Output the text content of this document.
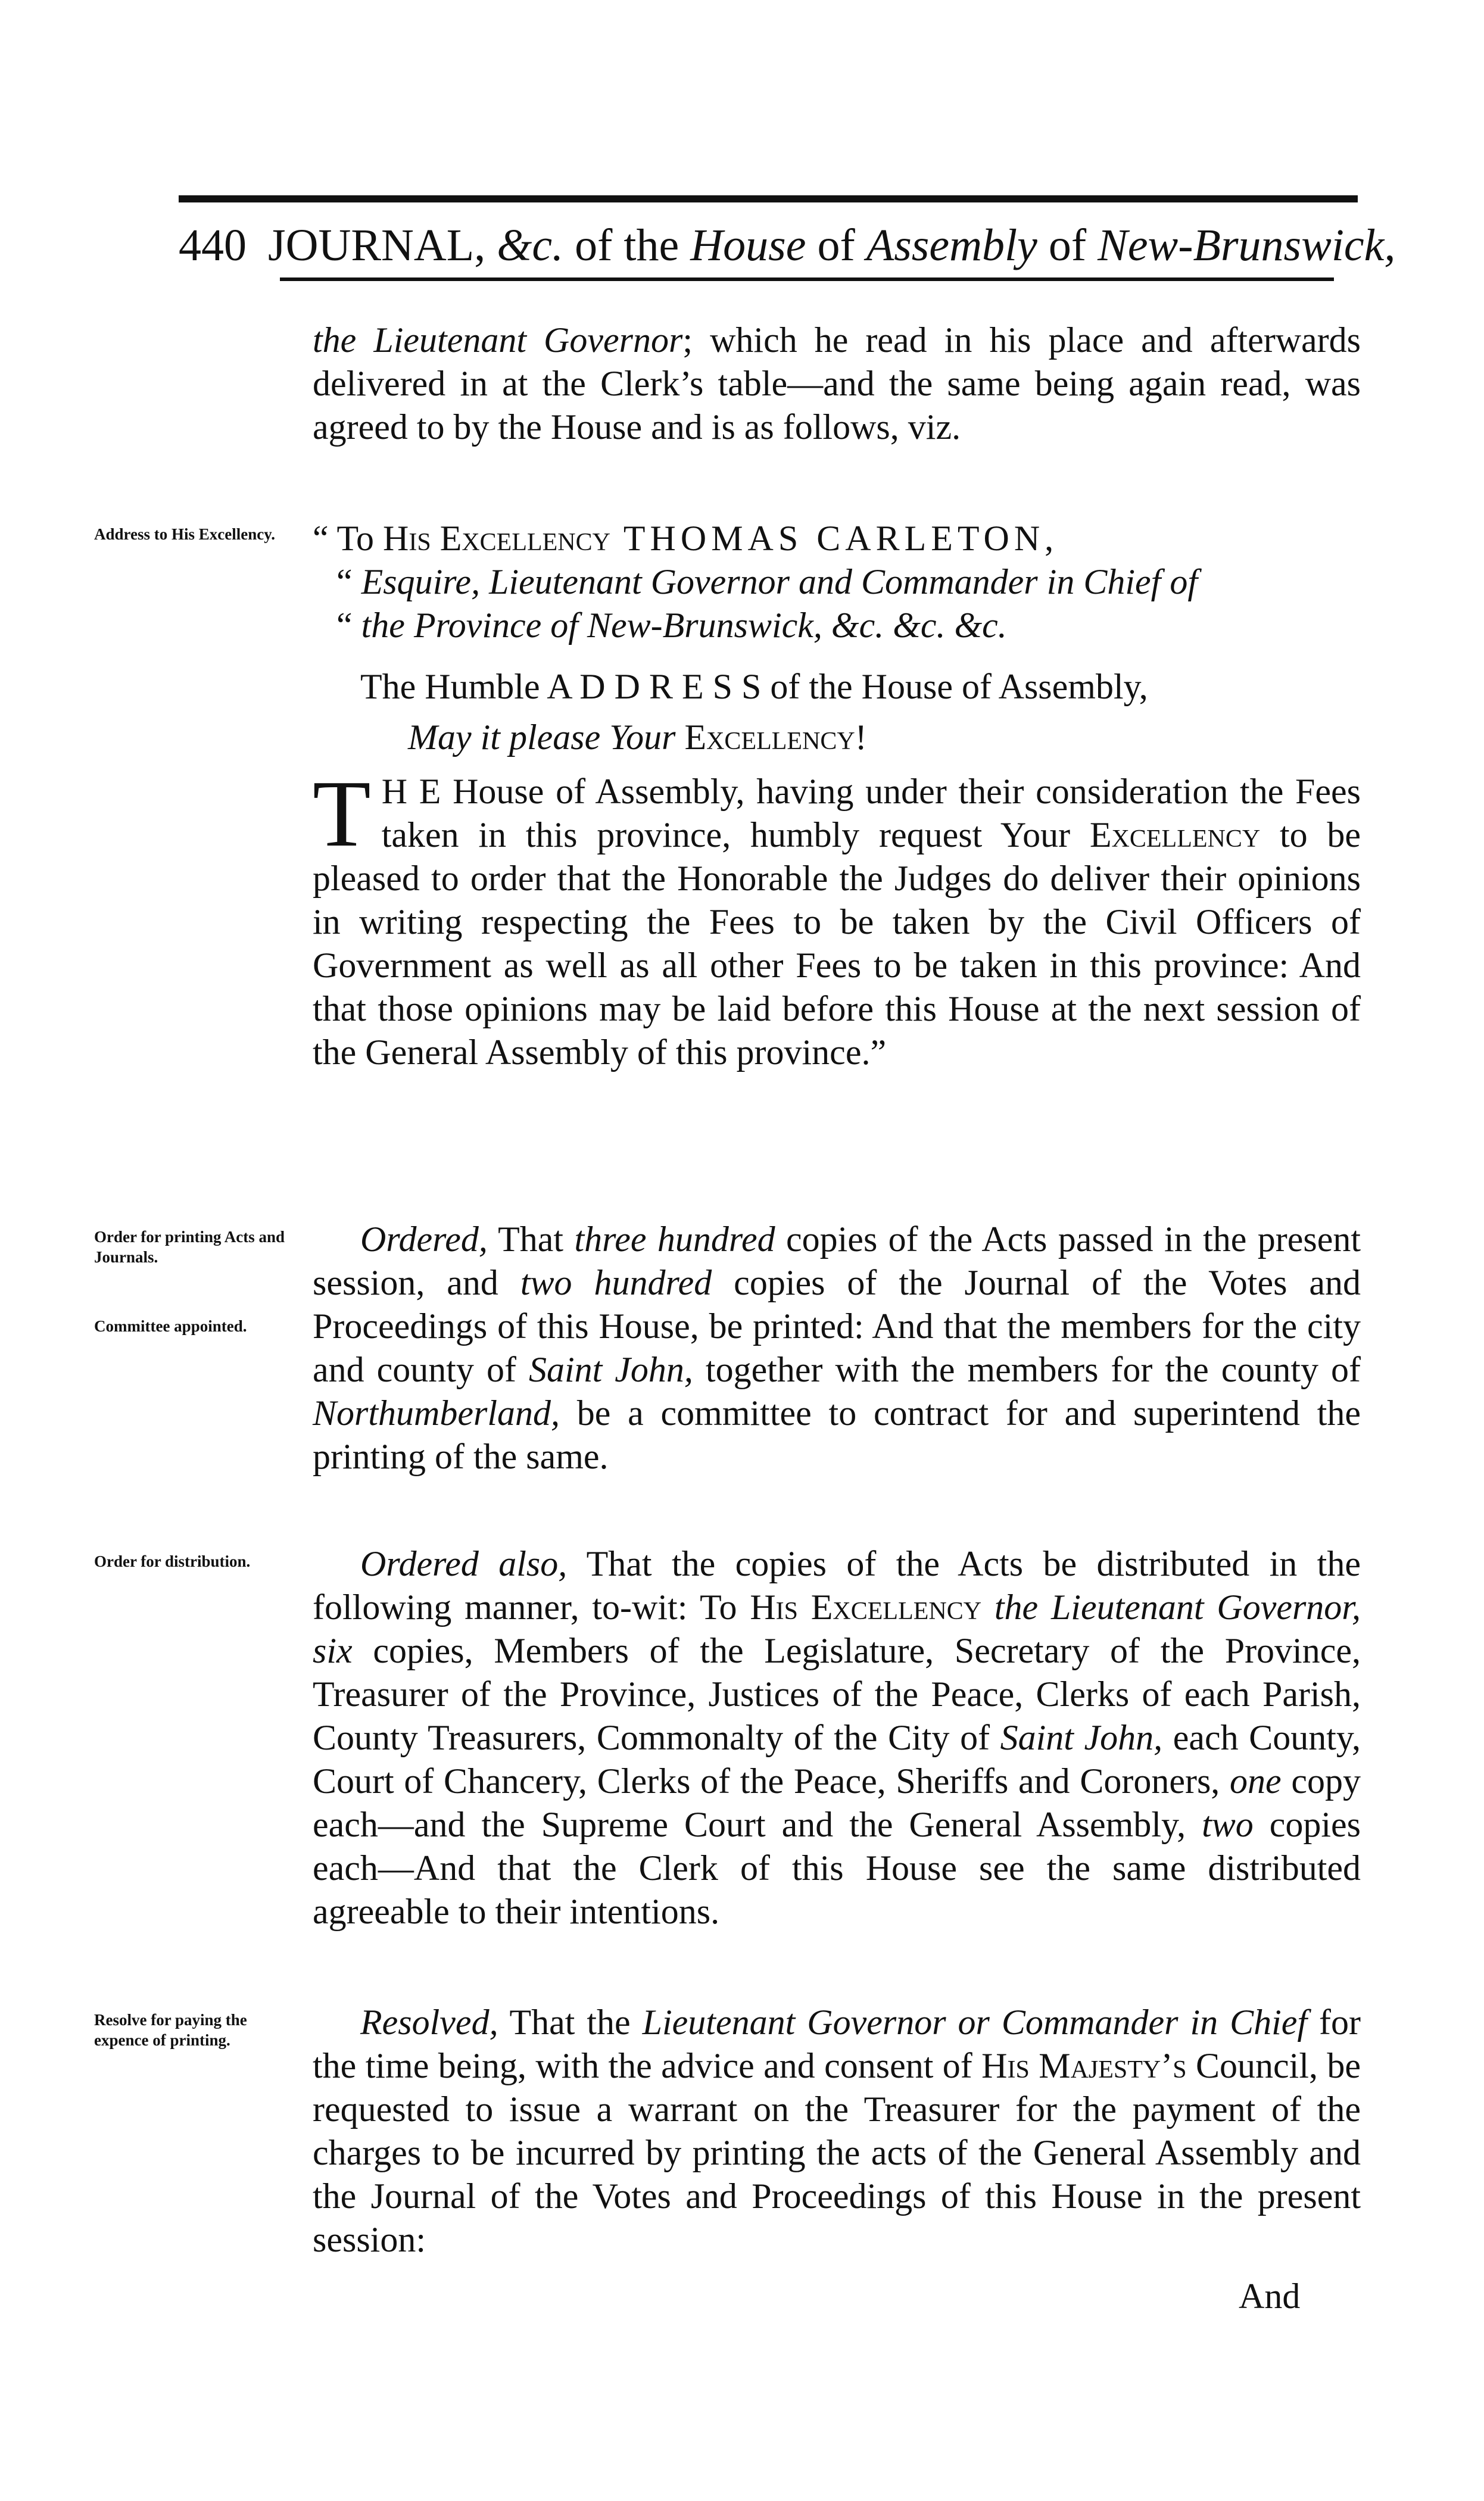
440 JOURNAL, &c. of the House of Assembly of New-Brunswick,

the Lieutenant Governor; which he read in his place and afterwards delivered in at the Clerk’s table—and the same being again read, was agreed to by the House and is as follows, viz.

Address to His Excellency.	“ To His Excellency THOMAS CARLETON,

“ Esquire, Lieutenant Governor and Commander in Chief of

“ the Province of New-Brunswick, &c. &c. &c.

The Humble A D D R E S S of the House of Assembly,

May it please Your Excellency!

T H E House of Assembly, having under their consideration the Fees taken in this province, humbly request Your Excellency to be pleased to order that the Honorable the Judges do deliver their opinions in writing respecting the Fees to be taken by the Civil Officers of Government as well as all other Fees to be taken in this province: And that those opinions may be laid before this House at the next session of the General Assembly of this province.”

Order for printing Acts and Journals.
Committee appointed.

Ordered, That three hundred copies of the Acts passed in the present session, and two hundred copies of the Journal of the Votes and Proceedings of this House, be printed: And that the members for the city and county of Saint John, together with the members for the county of Northumberland, be a committee to contract for and superintend the printing of the same.

Order for distribution.	Ordered also, That the copies of the Acts be distributed in the following manner, to-wit: To His Excellency the Lieutenant Governor, six copies, Members of the Legislature, Secretary of the Province, Treasurer of the Province, Justices of the Peace, Clerks of each Parish, County Treasurers, Commonalty of the City of Saint John, each County, Court of Chancery, Clerks of the Peace, Sheriffs and Coroners, one copy each—and the Supreme Court and the General Assembly, two copies each—And that the Clerk of this House see the same distributed agreeable to their intentions.

Resolve for paying the expence of printing.	Resolved, That the Lieutenant Governor or Commander in Chief for the time being, with the advice and consent of His Majesty’s Council, be requested to issue a warrant on the Treasurer for the payment of the charges to be incurred by printing the acts of the General Assembly and the Journal of the Votes and Proceedings of this House in the present session:

And
